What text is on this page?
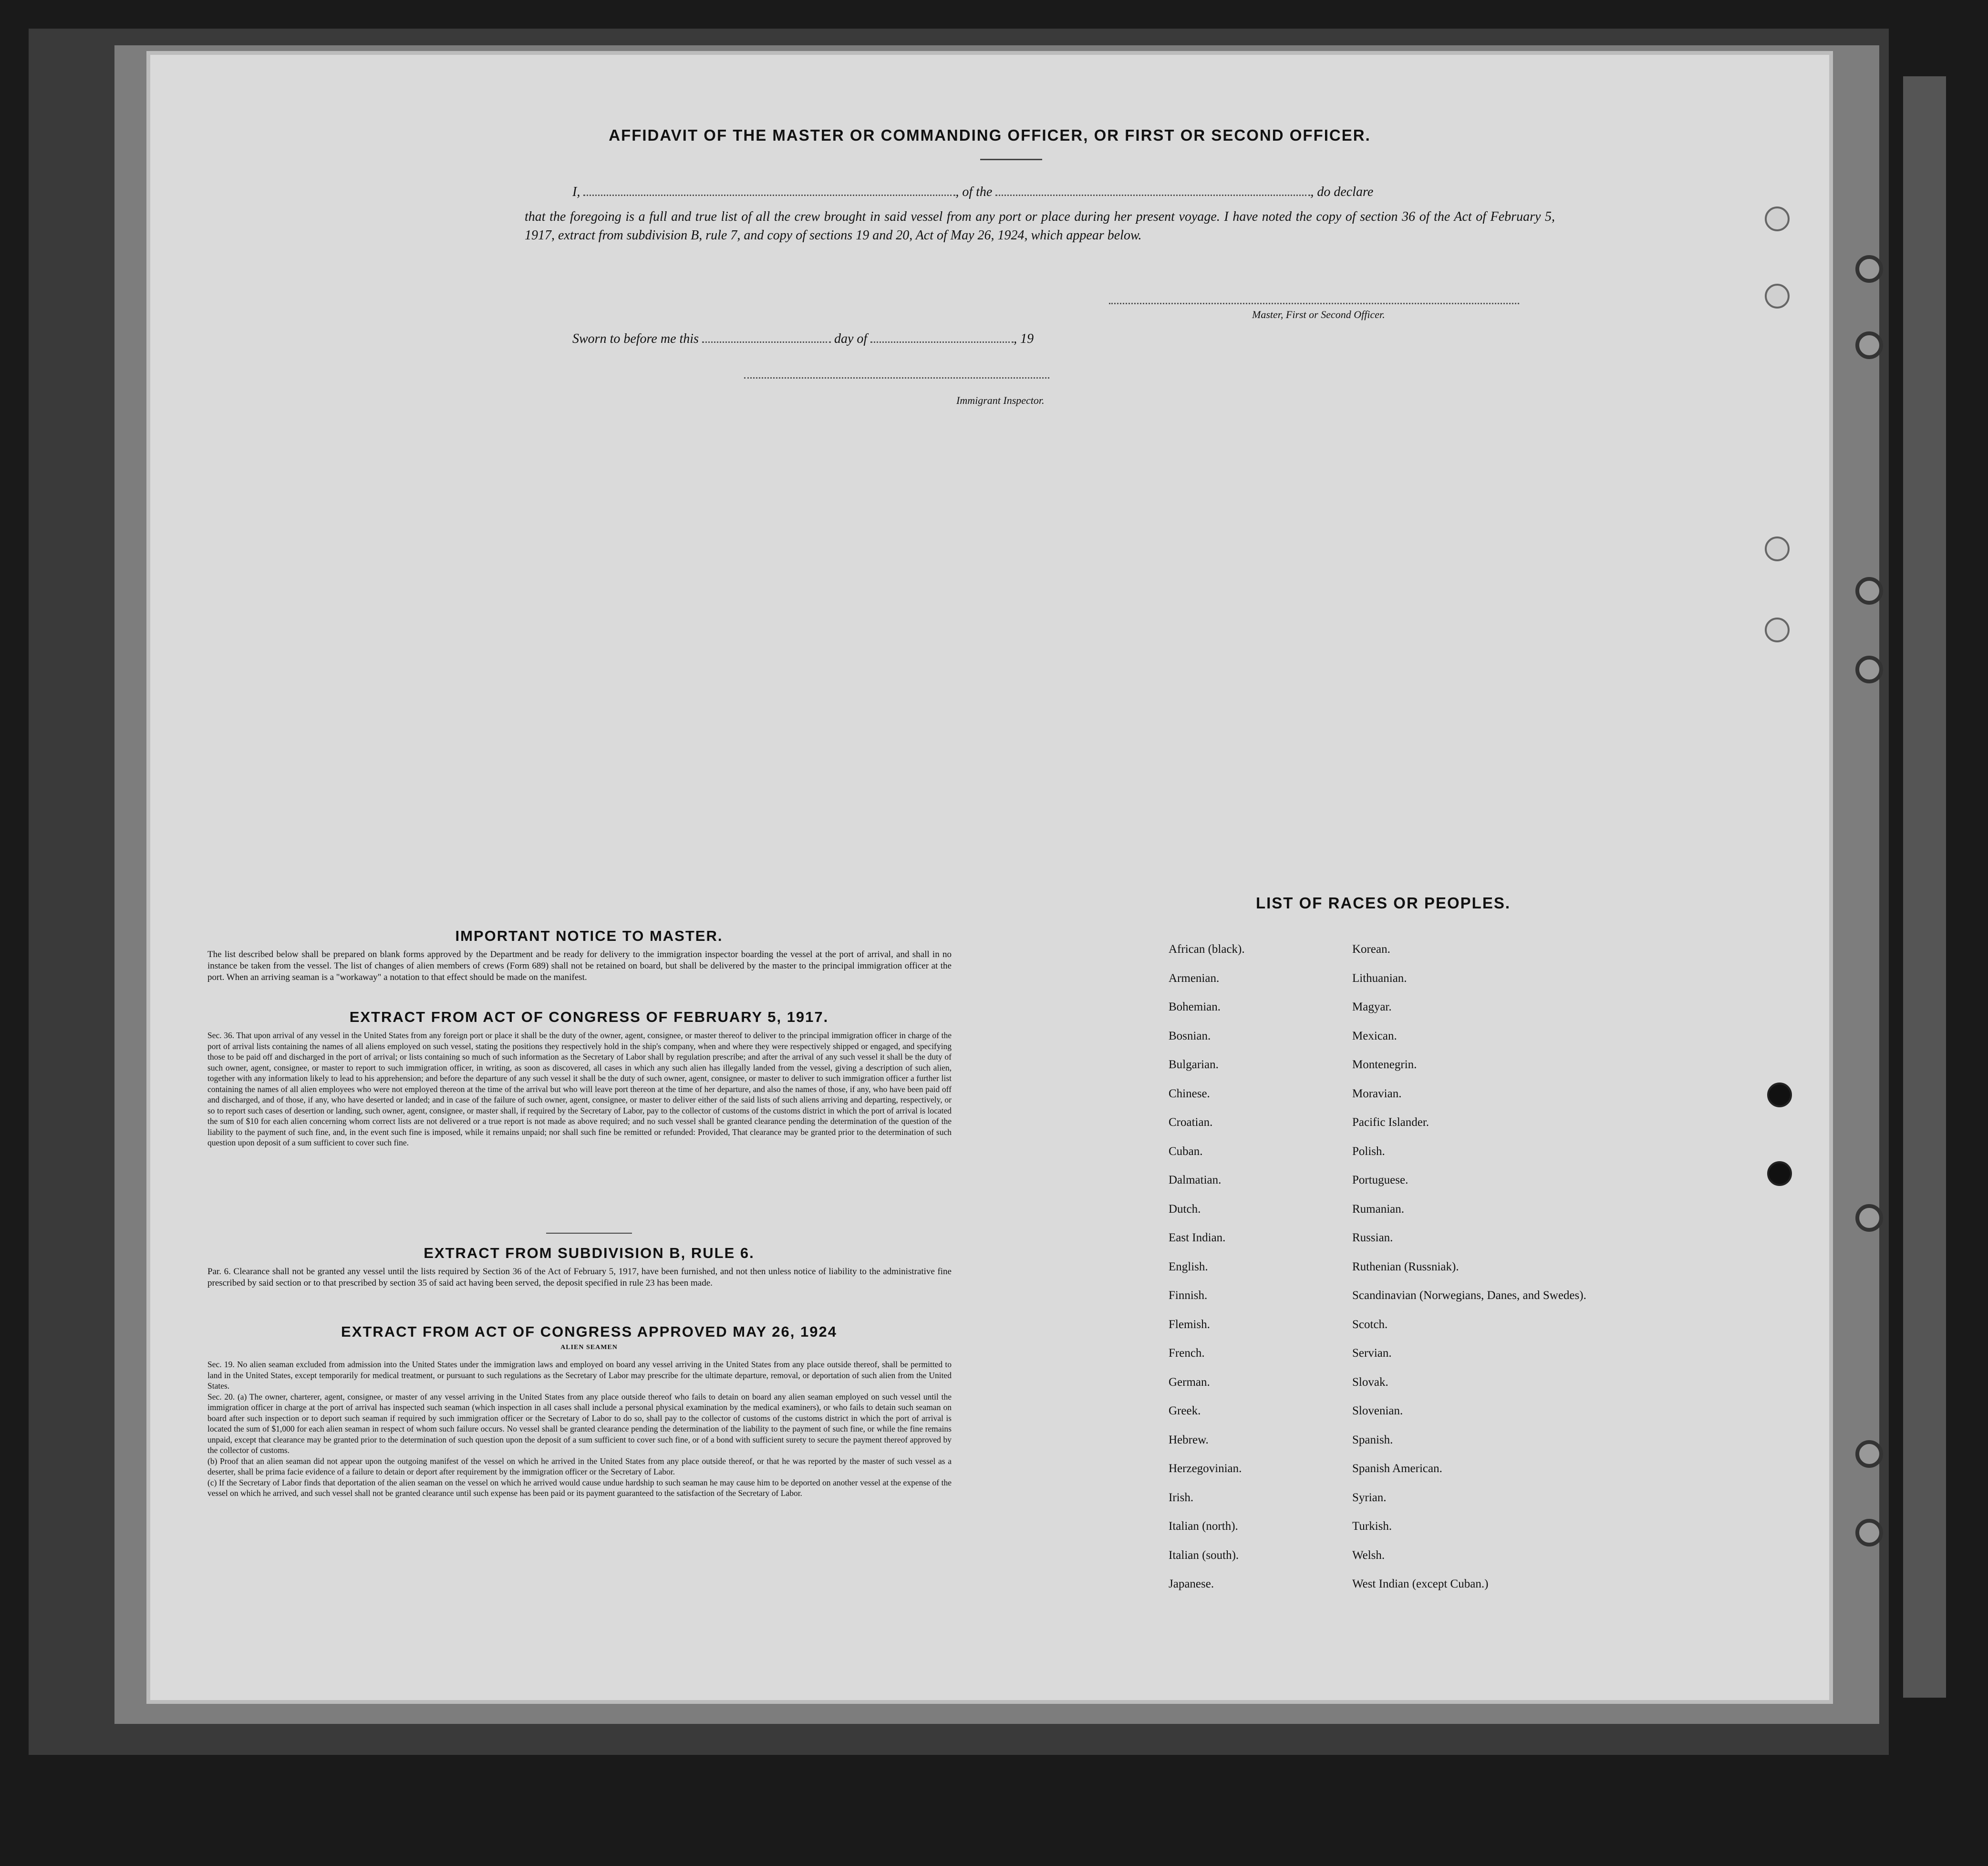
AFFIDAVIT OF THE MASTER OR COMMANDING OFFICER, OR FIRST OR SECOND OFFICER.
I,	, of the	, do declare
that the foregoing is a full and true list of all the crew brought in said vessel from any port or place during her present voyage. I have noted the copy of section 36 of the Act of February 5, 1917, extract from subdivision B, rule 7, and copy of sections 19 and 20, Act of May 26, 1924, which appear below.
Master, First or Second Officer.
Sworn to before me this	day of	, 19
Immigrant Inspector.
IMPORTANT NOTICE TO MASTER.
The list described below shall be prepared on blank forms approved by the Department and be ready for delivery to the immigration inspector boarding the vessel at the port of arrival, and shall in no instance be taken from the vessel. The list of changes of alien members of crews (Form 689) shall not be retained on board, but shall be delivered by the master to the principal immigration officer at the port. When an arriving seaman is a "workaway" a notation to that effect should be made on the manifest.
EXTRACT FROM ACT OF CONGRESS OF FEBRUARY 5, 1917.
Sec. 36. That upon arrival of any vessel in the United States from any foreign port or place it shall be the duty of the owner, agent, consignee, or master thereof to deliver to the principal immigration officer in charge of the port of arrival lists containing the names of all aliens employed on such vessel, stating the positions they respectively hold in the ship's company, when and where they were respectively shipped or engaged, and specifying those to be paid off and discharged in the port of arrival; or lists containing so much of such information as the Secretary of Labor shall by regulation prescribe; and after the arrival of any such vessel it shall be the duty of such owner, agent, consignee, or master to report to such immigration officer, in writing, as soon as discovered, all cases in which any such alien has illegally landed from the vessel, giving a description of such alien, together with any information likely to lead to his apprehension; and before the departure of any such vessel it shall be the duty of such owner, agent, consignee, or master to deliver to such immigration officer a further list containing the names of all alien employees who were not employed thereon at the time of the arrival but who will leave port thereon at the time of her departure, and also the names of those, if any, who have been paid off and discharged, and of those, if any, who have deserted or landed; and in case of the failure of such owner, agent, consignee, or master to deliver either of the said lists of such aliens arriving and departing, respectively, or so to report such cases of desertion or landing, such owner, agent, consignee, or master shall, if required by the Secretary of Labor, pay to the collector of customs of the customs district in which the port of arrival is located the sum of $10 for each alien concerning whom correct lists are not delivered or a true report is not made as above required; and no such vessel shall be granted clearance pending the determination of the question of the liability to the payment of such fine, and, in the event such fine is imposed, while it remains unpaid; nor shall such fine be remitted or refunded: Provided, That clearance may be granted prior to the determination of such question upon deposit of a sum sufficient to cover such fine.
EXTRACT FROM SUBDIVISION B, RULE 6.
Par. 6. Clearance shall not be granted any vessel until the lists required by Section 36 of the Act of February 5, 1917, have been furnished, and not then unless notice of liability to the administrative fine prescribed by said section or to that prescribed by section 35 of said act having been served, the deposit specified in rule 23 has been made.
EXTRACT FROM ACT OF CONGRESS APPROVED MAY 26, 1924
ALIEN SEAMEN
Sec. 19. No alien seaman excluded from admission into the United States under the immigration laws and employed on board any vessel arriving in the United States from any place outside thereof, shall be permitted to land in the United States, except temporarily for medical treatment, or pursuant to such regulations as the Secretary of Labor may prescribe for the ultimate departure, removal, or deportation of such alien from the United States.
Sec. 20. (a) The owner, charterer, agent, consignee, or master of any vessel arriving in the United States from any place outside thereof who fails to detain on board any alien seaman employed on such vessel until the immigration officer in charge at the port of arrival has inspected such seaman (which inspection in all cases shall include a personal physical examination by the medical examiners), or who fails to detain such seaman on board after such inspection or to deport such seaman if required by such immigration officer or the Secretary of Labor to do so, shall pay to the collector of customs of the customs district in which the port of arrival is located the sum of $1,000 for each alien seaman in respect of whom such failure occurs. No vessel shall be granted clearance pending the determination of the liability to the payment of such fine, or while the fine remains unpaid, except that clearance may be granted prior to the determination of such question upon the deposit of a sum sufficient to cover such fine, or of a bond with sufficient surety to secure the payment thereof approved by the collector of customs.
(b) Proof that an alien seaman did not appear upon the outgoing manifest of the vessel on which he arrived in the United States from any place outside thereof, or that he was reported by the master of such vessel as a deserter, shall be prima facie evidence of a failure to detain or deport after requirement by the immigration officer or the Secretary of Labor.
(c) If the Secretary of Labor finds that deportation of the alien seaman on the vessel on which he arrived would cause undue hardship to such seaman he may cause him to be deported on another vessel at the expense of the vessel on which he arrived, and such vessel shall not be granted clearance until such expense has been paid or its payment guaranteed to the satisfaction of the Secretary of Labor.
LIST OF RACES OR PEOPLES.
African (black).	Korean.
Armenian.	Lithuanian.
Bohemian.	Magyar.
Bosnian.	Mexican.
Bulgarian.	Montenegrin.
Chinese.	Moravian.
Croatian.	Pacific Islander.
Cuban.	Polish.
Dalmatian.	Portuguese.
Dutch.	Rumanian.
East Indian.	Russian.
English.	Ruthenian (Russniak).
Finnish.	Scandinavian (Norwegians, Danes, and Swedes).
Flemish.	Scotch.
French.	Servian.
German.	Slovak.
Greek.	Slovenian.
Hebrew.	Spanish.
Herzegovinian.	Spanish American.
Irish.	Syrian.
Italian (north).	Turkish.
Italian (south).	Welsh.
Japanese.	West Indian (except Cuban.)
